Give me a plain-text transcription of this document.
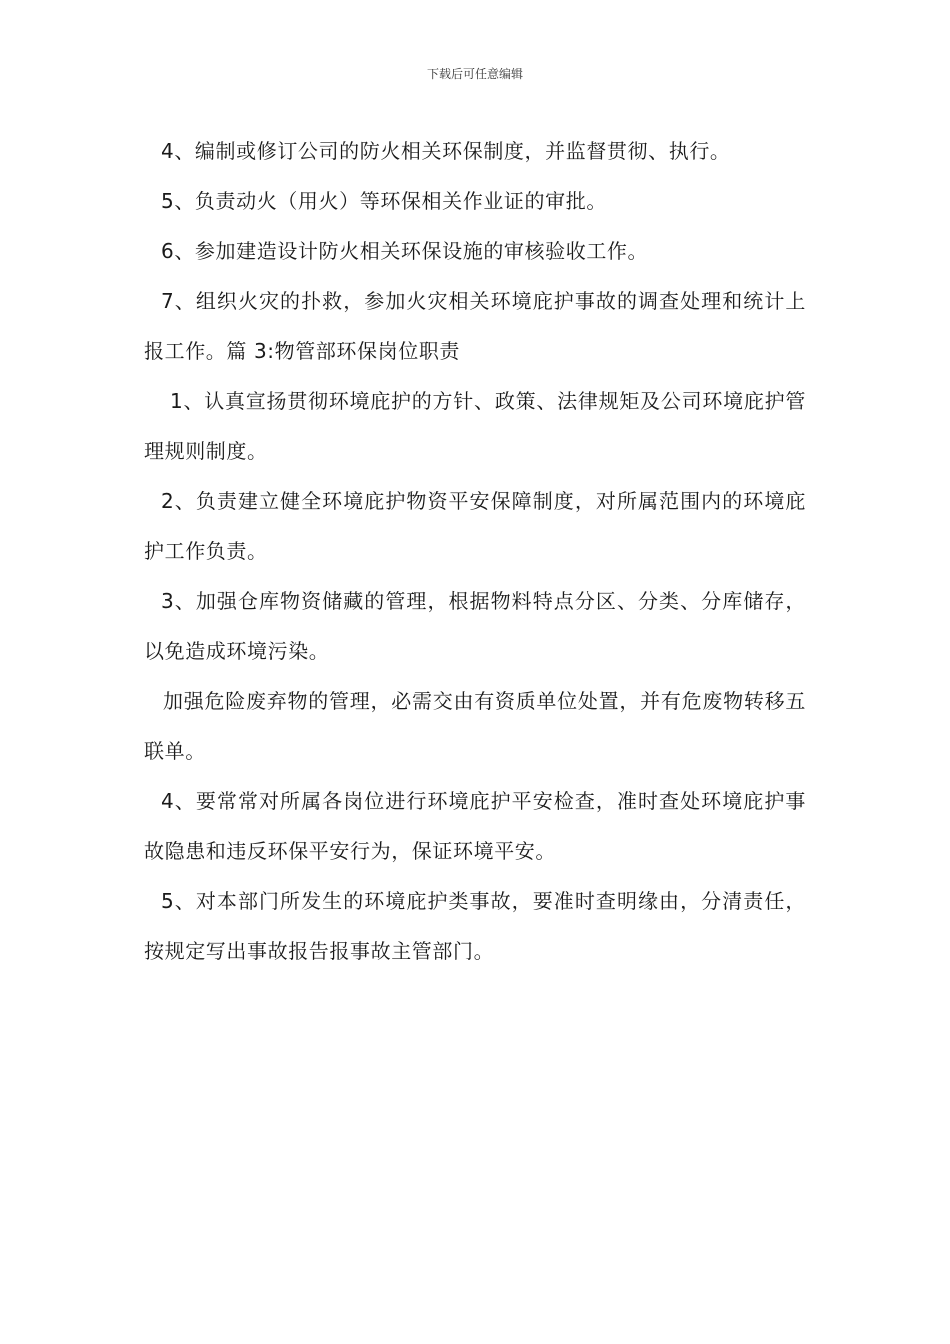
下载后可任意编辑

4、编制或修订公司的防火相关环保制度，并监督贯彻、执行。

5、负责动火（用火）等环保相关作业证的审批。

6、参加建造设计防火相关环保设施的审核验收工作。

7、组织火灾的扑救，参加火灾相关环境庇护事故的调查处理和统计上报工作。篇 3:物管部环保岗位职责

1、认真宣扬贯彻环境庇护的方针、政策、法律规矩及公司环境庇护管理规则制度。

2、负责建立健全环境庇护物资平安保障制度，对所属范围内的环境庇护工作负责。

3、加强仓库物资储藏的管理，根据物料特点分区、分类、分库储存，以免造成环境污染。

加强危险废弃物的管理，必需交由有资质单位处置，并有危废物转移五联单。

4、要常常对所属各岗位进行环境庇护平安检查，准时查处环境庇护事故隐患和违反环保平安行为，保证环境平安。

5、对本部门所发生的环境庇护类事故，要准时查明缘由，分清责任，按规定写出事故报告报事故主管部门。
